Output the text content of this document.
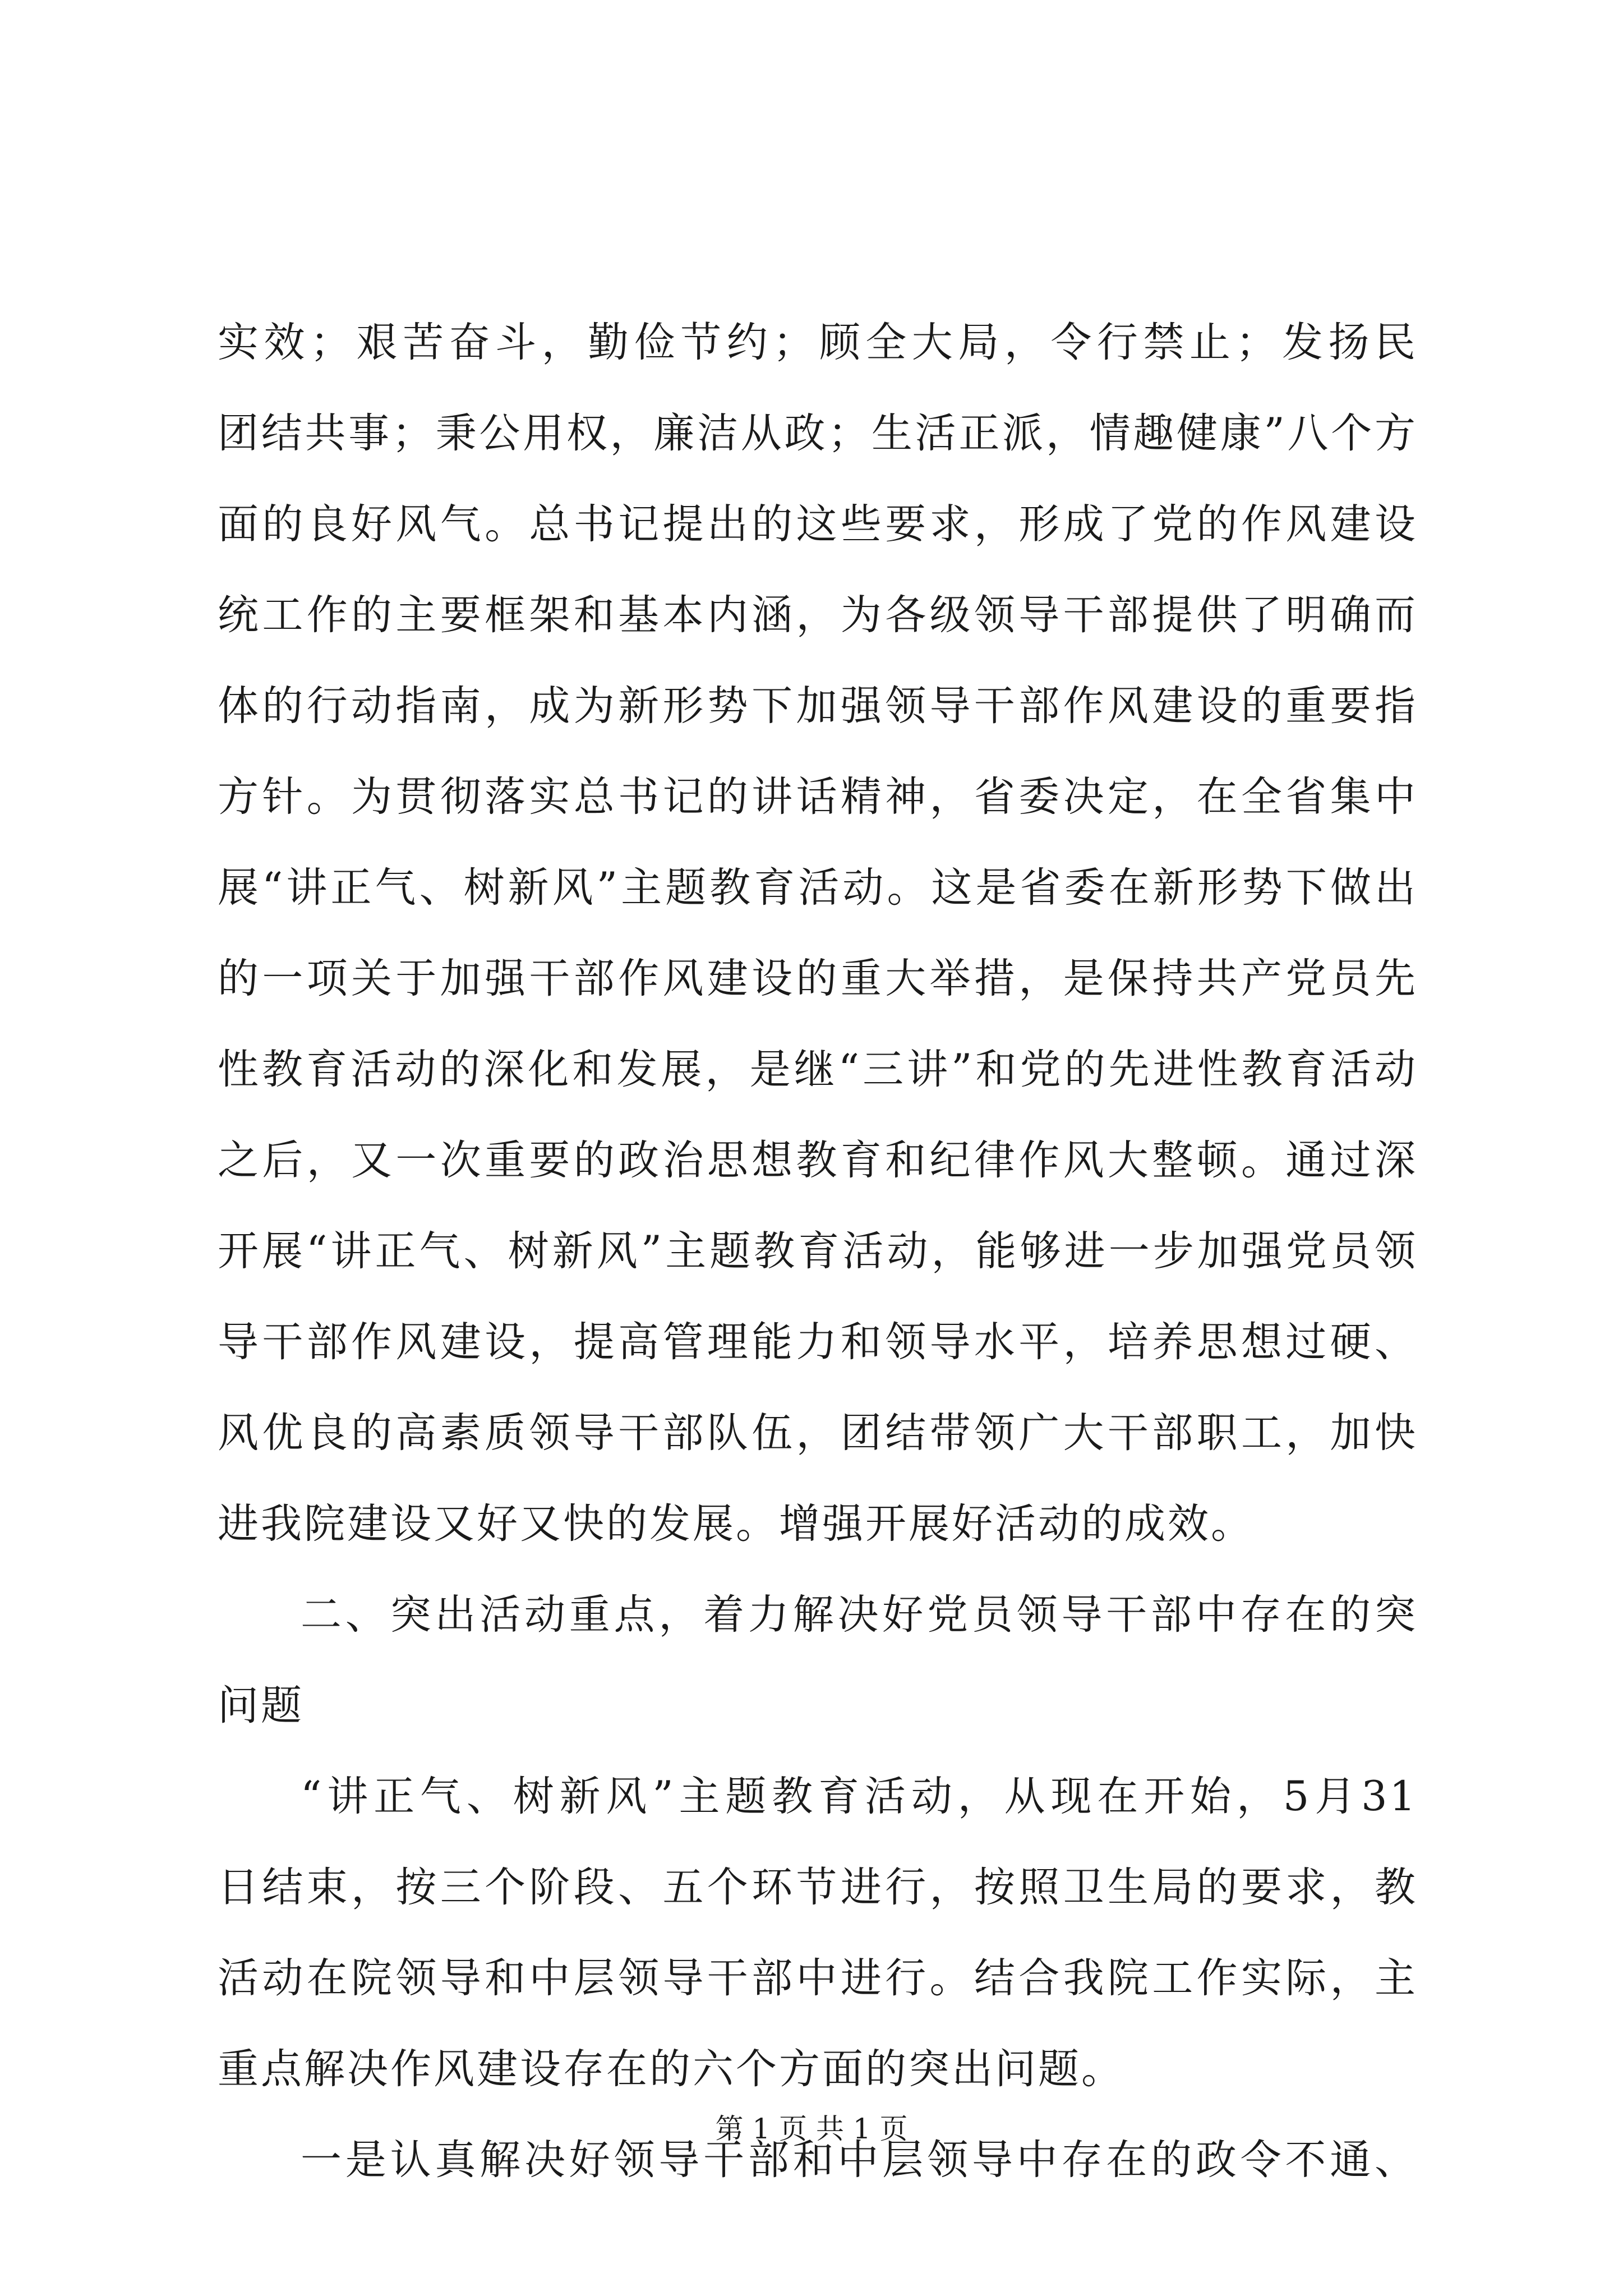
实效；艰苦奋斗，勤俭节约；顾全大局，令行禁止；发扬民
团结共事；秉公用权，廉洁从政；生活正派，情趣健康”八个方
面的良好风气。总书记提出的这些要求，形成了党的作风建设
统工作的主要框架和基本内涵，为各级领导干部提供了明确而
体的行动指南，成为新形势下加强领导干部作风建设的重要指
方针。为贯彻落实总书记的讲话精神，省委决定，在全省集中
展“讲正气、树新风”主题教育活动。这是省委在新形势下做出
的一项关于加强干部作风建设的重大举措，是保持共产党员先
性教育活动的深化和发展，是继“三讲”和党的先进性教育活动
之后，又一次重要的政治思想教育和纪律作风大整顿。通过深
开展“讲正气、树新风”主题教育活动，能够进一步加强党员领
导干部作风建设，提高管理能力和领导水平，培养思想过硬、
风优良的高素质领导干部队伍，团结带领广大干部职工，加快
进我院建设又好又快的发展。增强开展好活动的成效。
二、突出活动重点，着力解决好党员领导干部中存在的突
问题
“讲正气、树新风”主题教育活动，从现在开始，5月31
日结束，按三个阶段、五个环节进行，按照卫生局的要求，教
活动在院领导和中层领导干部中进行。结合我院工作实际，主
重点解决作风建设存在的六个方面的突出问题。
一是认真解决好领导干部和中层领导中存在的政令不通、
第 1 页 共 1 页
